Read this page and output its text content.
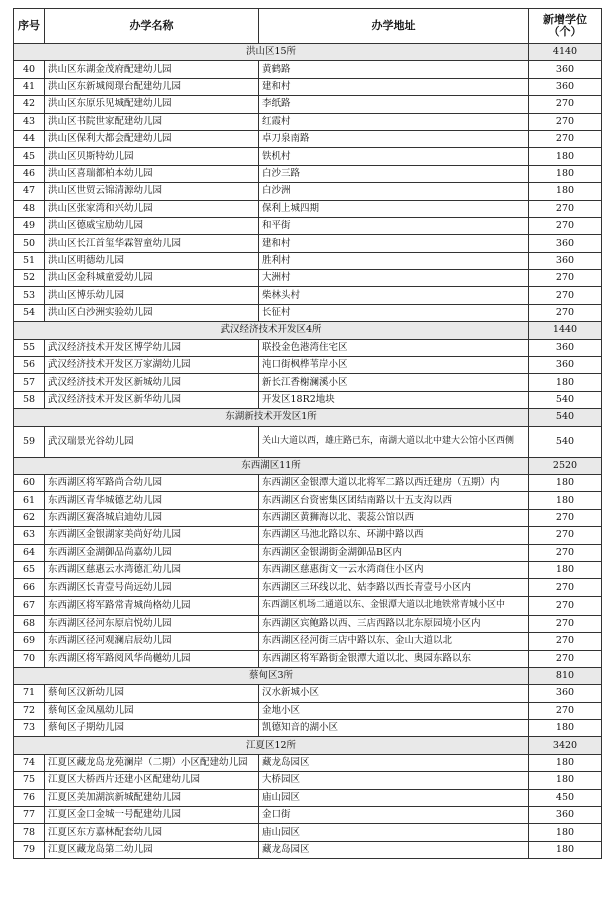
序号	办学名称	办学地址	新增学位
（个）

洪山区15所			4140
40	洪山区东湖金茂府配建幼儿园	黄鹤路	360
41	洪山区东新城阅璟台配建幼儿园	建和村	360
42	洪山区东原乐见城配建幼儿园	李纸路	270
43	洪山区书院世家配建幼儿园	红霞村	270
44	洪山区保利大都会配建幼儿园	卓刀泉南路	270
45	洪山区贝斯特幼儿园	铁机村	180
46	洪山区喜瑞都柏本幼儿园	白沙三路	180
47	洪山区世贸云锦清源幼儿园	白沙洲	180
48	洪山区张家湾和兴幼儿园	保利上城四期	270
49	洪山区德威宝励幼儿园	和平街	270
50	洪山区长江首玺华霖智童幼儿园	建和村	360
51	洪山区明德幼儿园	胜利村	360
52	洪山区金科城童爱幼儿园	大洲村	270
53	洪山区博乐幼儿园	柴林头村	270
54	洪山区白沙洲实验幼儿园	长征村	270
武汉经济技术开发区4所			1440
55	武汉经济技术开发区博学幼儿园	联投金色港湾住宅区	360
56	武汉经济技术开发区万家湖幼儿园	沌口街枫桦苇岸小区	360
57	武汉经济技术开发区新城幼儿园	新长江香榭澜溪小区	180
58	武汉经济技术开发区新华幼儿园	开发区18R2地块	540
东湖新技术开发区1所			540
59	武汉瑞景光谷幼儿园	关山大道以西，雄庄路已东，南湖大道以北中建大公馆小区西侧	540
东西湖区11所			2520
60	东西湖区将军路尚合幼儿园	东西湖区金银潭大道以北将军二路以西迁建房（五期）内	180
61	东西湖区青华城德艺幼儿园	东西湖区台资密集区团结南路以十五支沟以西	180
62	东西湖区赛洛城启迪幼儿园	东西湖区黄狮海以北、裴蕊公馆以西	270
63	东西湖区金银湖家美尚好幼儿园	东西湖区马池北路以东、环湖中路以西	270
64	东西湖区金湖御品尚嘉幼儿园	东西湖区金银湖街金湖御品B区内	270
65	东西湖区慈惠云水湾德汇幼儿园	东西湖区慈惠街文一云水湾商住小区内	180
66	东西湖区长青壹号尚远幼儿园	东西湖区三环线以北、姑李路以西长青壹号小区内	270
67	东西湖区将军路常青城尚格幼儿园	东西湖区机场二通道以东、金银潭大道以北地铁常青城小区中	270
68	东西湖区径河东原启悦幼儿园	东西湖区宾鲍路以西、三店西路以北东原园境小区内	270
69	东西湖区径河观澜启辰幼儿园	东西湖区径河街三店中路以东、金山大道以北	270
70	东西湖区将军路阅风华尚樾幼儿园	东西湖区将军路街金银潭大道以北、奥园东路以东	270
蔡甸区3所			810
71	蔡甸区汉新幼儿园	汉水新城小区	360
72	蔡甸区金凤凰幼儿园	金地小区	270
73	蔡甸区子期幼儿园	凯德知音的湖小区	180
江夏区12所			3420
74	江夏区藏龙岛龙苑澜岸（二期）小区配建幼儿园	藏龙岛园区	180
75	江夏区大桥西片还建小区配建幼儿园	大桥园区	180
76	江夏区美加湖滨新城配建幼儿园	庙山园区	450
77	江夏区金口金城一号配建幼儿园	金口街	360
78	江夏区东方嘉林配套幼儿园	庙山园区	180
79	江夏区藏龙岛第二幼儿园	藏龙岛园区	180
